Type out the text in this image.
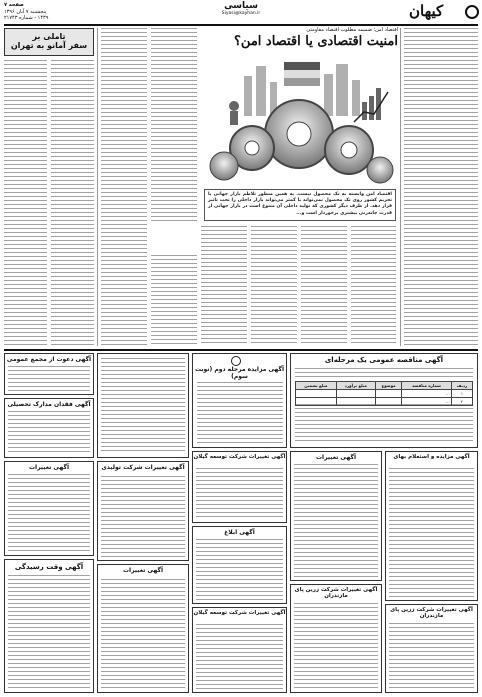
صفحه ۷
پنجشنبه ۷ آبان ۱۳۹۶
۱۴۳۹ - شماره ۲۱۷۴۳
سیاسی
Siyasi@kayhan.ir	کیهان
تاملی بر
سفر آمانو به تهران
اقتصاد امن؛ ضمیمه مطلوب اقتصاد مقاومتی
امنیت اقتصادی یا اقتصاد امن؟
اقتصاد امن وابسته به تک محصول نیست. به همین منظور تلاطم بازار جهانی یا تحریم کشور روی تک محصول نمی‌تواند با کمتر می‌تواند بازار داخلی را تحت تاثیر قرار دهد. از طرف دیگر کشوری که تولید داخلی آن متنوع است در بازار جهانی از قدرت چانه‌زنی بیشتری برخوردار است و...
آگهی مناقصه عمومی یک مرحله‌ای
ردیف	شماره مناقصه	موضوع	مبلغ برآورد	مبلغ تضمین
۱	...			
۲	...			
آگهی مزایده مرحله دوم (نوبت سوم)
آگهی دعوت از مجمع عمومی
آگهی فقدان مدارک تحصیلی
آگهی تغییرات
آگهی وقت رسیدگی
آگهی تغییرات شرکت تولیدی
آگهی تغییرات
آگهی تغییرات شرکت توسعه گیلان
آگهی ابلاغ
آگهی تغییرات شرکت توسعه گیلان
آگهی تغییرات
آگهی تغییرات شرکت زرین پای مازندران
آگهی مزایده و استعلام بهای
آگهی تغییرات شرکت زرین پای مازندران
